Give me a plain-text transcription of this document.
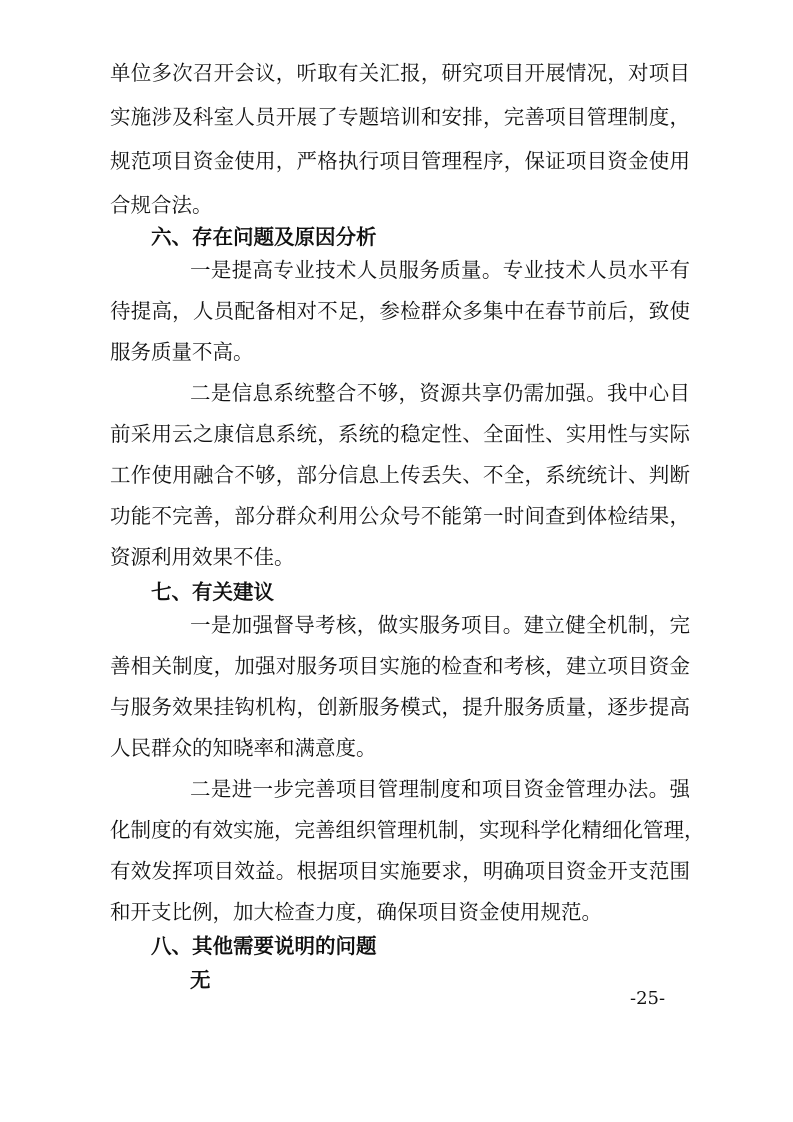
单位多次召开会议，听取有关汇报，研究项目开展情况，对项目
实施涉及科室人员开展了专题培训和安排，完善项目管理制度，
规范项目资金使用，严格执行项目管理程序，保证项目资金使用
合规合法。
六、存在问题及原因分析
一是提高专业技术人员服务质量。专业技术人员水平有
待提高，人员配备相对不足，参检群众多集中在春节前后，致使
服务质量不高。
二是信息系统整合不够，资源共享仍需加强。我中心目
前采用云之康信息系统，系统的稳定性、全面性、实用性与实际
工作使用融合不够，部分信息上传丢失、不全，系统统计、判断
功能不完善，部分群众利用公众号不能第一时间查到体检结果，
资源利用效果不佳。
七、有关建议
一是加强督导考核，做实服务项目。建立健全机制，完
善相关制度，加强对服务项目实施的检查和考核，建立项目资金
与服务效果挂钩机构，创新服务模式，提升服务质量，逐步提高
人民群众的知晓率和满意度。
二是进一步完善项目管理制度和项目资金管理办法。强
化制度的有效实施，完善组织管理机制，实现科学化精细化管理，
有效发挥项目效益。根据项目实施要求，明确项目资金开支范围
和开支比例，加大检查力度，确保项目资金使用规范。
八、其他需要说明的问题
无
-25-
